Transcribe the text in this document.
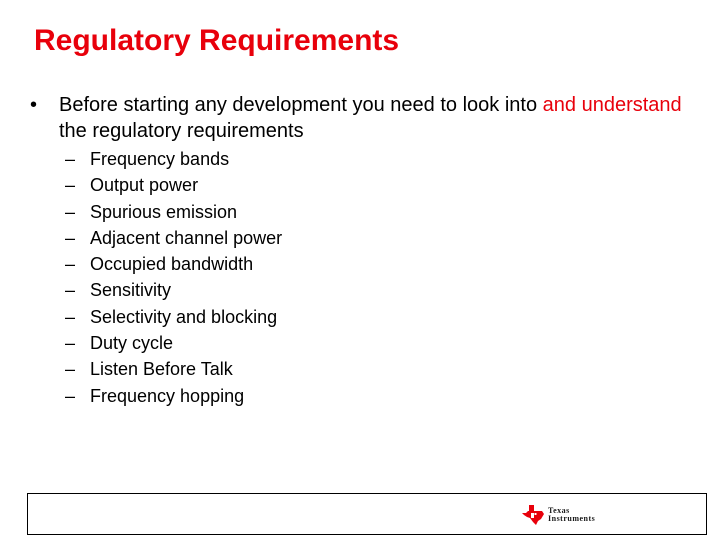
Regulatory Requirements
• Before starting any development you need to look into and understand the regulatory requirements
– Frequency bands
– Output power
– Spurious emission
– Adjacent channel power
– Occupied bandwidth
– Sensitivity
– Selectivity and blocking
– Duty cycle
– Listen Before Talk
– Frequency hopping
Texas
Instruments
